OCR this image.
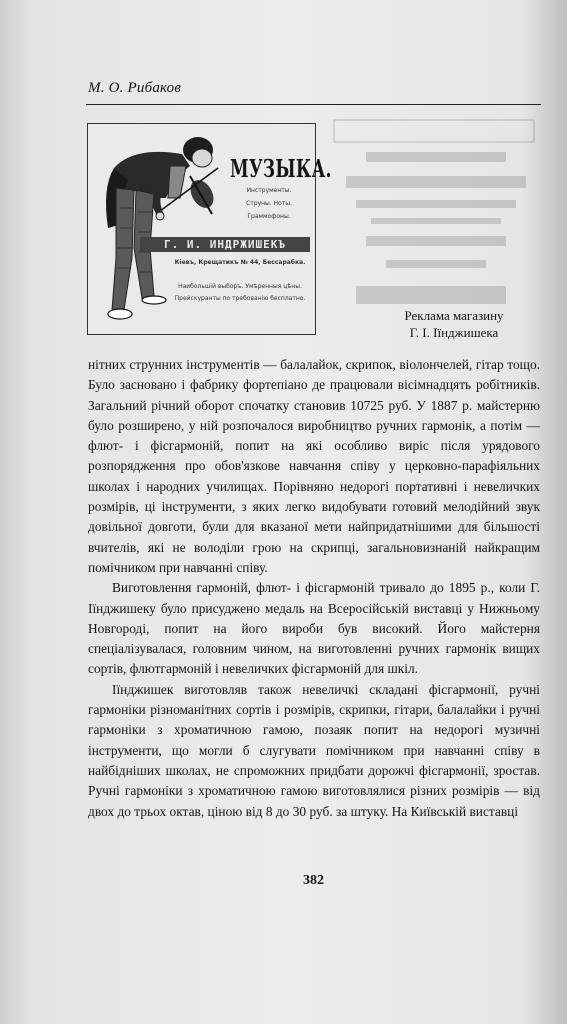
М. О. Рибаков
МУЗЫКА.
Инструменты.
Струны. Ноты.
Граммофоны.
Г. И. ИНДРЖИШЕКЪ
Кiевъ, Крещатикъ № 44, Бессарабка.
Наибольшiй выборъ. Умѣренныя цѣны.
Прейскуранты по требованiю бесплатно.
Реклама магазину
Г. І. Іїнджишека

нітних струнних інструментів — балалайок, скрипок, віолончелей, гітар тощо. Було засновано і фабрику фортепіано де працювали вісімнадцять робітників. Загальний річний оборот спочатку становив 10725 руб. У 1887 р. майстерню було розширено, у ній розпочалося виробництво ручних гармонік, а потім — флют- і фісгармоній, попит на які особливо виріс після урядового розпорядження про обов'язкове навчання співу у церковно-парафіяльних школах і народних училищах. Порівняно недорогі портативні і невеличких розмірів, ці інструменти, з яких легко видобувати готовий мелодійний звук довільної довготи, були для вказаної мети найпридатнішими для більшості вчителів, які не володіли грою на скрипці, загальновизнаній найкращим помічником при навчанні співу.

Виготовлення гармоній, флют- і фісгармоній тривало до 1895 р., коли Г. Іїнджишеку було присуджено медаль на Всеросійській виставці у Нижньому Новгороді, попит на його вироби був високий. Його майстерня спеціалізувалася, головним чином, на виготовленні ручних гармонік вищих сортів, флютгармоній і невеличких фісгармоній для шкіл.

Іїнджишек виготовляв також невеличкі складані фісгармонії, ручні гармоніки різноманітних сортів і розмірів, скрипки, гітари, балалайки і ручні гармоніки з хроматичною гамою, позаяк попит на недорогі музичні інструменти, що могли б слугувати помічником при навчанні співу в найбідніших школах, не спроможних придбати дорожчі фісгармонії, зростав. Ручні гармоніки з хроматичною гамою виготовлялися різних розмірів — від двох до трьох октав, ціною від 8 до 30 руб. за штуку. На Київській виставці

382
